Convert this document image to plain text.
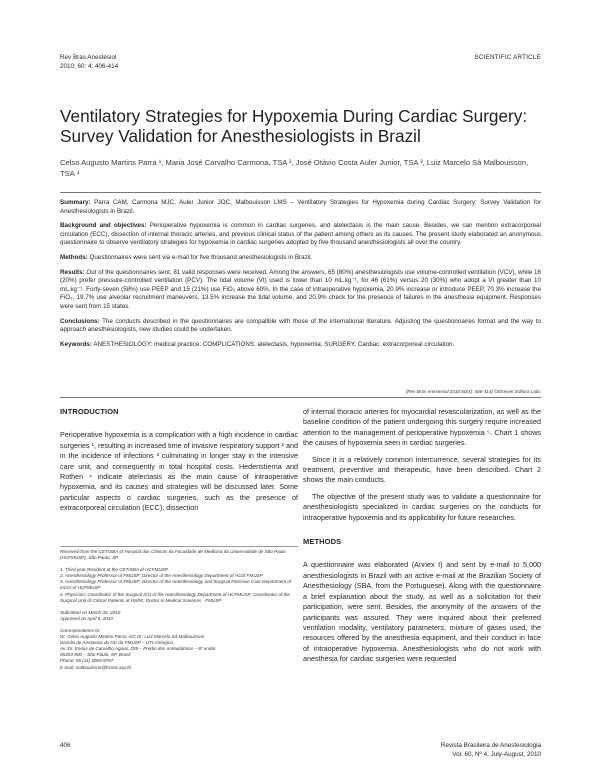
Rev Bras Anestesiol
2010; 60: 4: 406-414
SCIENTIFIC ARTICLE
Ventilatory Strategies for Hypoxemia During Cardiac Surgery: Survey Validation for Anesthesiologists in Brazil
Celso Augusto Martins Parra ¹, Maria José Carvalho Carmona, TSA ², José Otávio Costa Auler Junior, TSA ³, Luiz Marcelo Sá Malbouisson, TSA ⁴

Summary: Parra CAM, Carmona MJC, Auler Junior JOC, Malbouisson LMS – Ventilatory Strategies for Hypoxemia during Cardiac Surgery: Survey Validation for Anesthesiologists in Brazil.

Background and objectives: Perioperative hypoxemia is common in cardiac surgeries, and atelectasis is the main cause. Besides, we can mention extracorporeal circulation (ECC), dissection of internal thoracic arteries, and previous clinical status of the patient among others as its causes. The present study elaborated an anonymous questionnaire to observe ventilatory strategies for hypoxemia in cardiac surgeries adopted by five thousand anesthesiologists all over the country.

Methods: Questionnaires were sent via e-mail for five thousand anesthesiologists in Brazil.

Results: Out of the questionnaires sent, 81 valid responses were received. Among the answers, 65 (80%) anesthesiologists use volume-controlled ventilation (VCV), while 16 (20%) prefer pressure-controlled ventilation (PCV). The tidal volume (Vt) used is lower than 10 mL.kg⁻¹, for 46 (61%) versus 20 (30%) who adopt a Vt greater than 10 mL.kg⁻¹. Forty-seven (58%) use PEEP and 15 (21%) use FiO₂ above 60%. In the case of intraoperative hypoxemia, 20.9% increase or introduce PEEP, 70.3% increase the FiO₂, 19.7% use alveolar recruitment maneuvers, 13.5% increase the tidal volume, and 20.9% check for the presence of failures in the anesthesia equipment. Responses were sent from 15 states.

Conclusions: The conducts described in the questionnaires are compatible with those of the international literature. Adjusting the questionnaires format and the way to approach anesthesiologists, new studies could be undertaken.

Keywords: ANESTHESIOLOGY: medical practice; COMPLICATIONS: atelectasis, hypoxemia; SURGERY, Cardiac: extracorporeal circulation.

[Rev Bras Anestesiol 2010;60(4): 406-414] ©Elsevier Editora Ltda.
INTRODUCTION

Perioperative hypoxemia is a complication with a high incidence in cardiac surgeries ¹, resulting in increased time of invasive respiratory support ² and in the incidence of infections ³ culminating in longer stay in the intensive care unit, and consequently in total hospital costs. Hedenstierna and Rothen ⁴ indicate atelectasis as the main cause of intraoperative hypoxemia, and its causes and strategies will be discussed later. Some particular aspects o cardiac surgeries, such as the presence of extracorporeal circulation (ECC), dissection

Received from the CET/SBA of Hospital das Clínicas da Faculdade de Medicina da Universidade de São Paulo (HCFMUSP), São Paulo, SP
1. Third year Resident at the CET/SBA of HCFMUSP
2. Anesthesiology Professor of FMUSP; Director of the Anesthesiology Department of HCof FMUSP
3. Anesthesiology Professor of FMUSP; Director of the Anesthesiology and Surgical Intensive Care Department of InCor of HCFMUSP
4. Physician; Coordinator of the Surgical ICU of the Anesthesiology Department of HCFMUSP; Coordinator of the Surgical Unit of Critical Patients of HSPE; Doctor in Medical Sciences - FMUSP
Submitted on March 30, 2010
Approved on April 5, 2010
Correspondence to:
Dr. Celso Augusto Martins Parra; A/C Dr. Luiz Marcelo Sá Malbouisson
Divisão de Anestesia do HC da FMUSP – UTI Cirúrgica
Av. Dr. Enéas de Carvalho Aguiar, 255 – Prédio dos Ambulatórios – 8º andar
05403-900 – São Paulo, SP, Brasil
Phone: 55 (11) 3069-8787
E-mail: malbouisson@hcnet.usp.br

of internal thoracic arteries for myocardial revascularization, as well as the baseline condition of the patient undergoing this surgery require increased attention to the management of perioperative hypoxemia ⁵. Chart 1 shows the causes of hypoxemia seen in cardiac surgeries.

Since it is a relatively common intercurrence, several strategies for its treatment, preventive and therapeutic, have been described. Chart 2 shows the main conducts.

The objective of the present study was to validate a questionnaire for anesthesiologists specialized in cardiac surgeries on the conducts for intraoperative hypoxemia and its applicability for future researches.

METHODS

A questionnaire was elaborated (Annex I) and sent by e-mail to 5,000 anesthesiologists in Brazil with an active e-mail at the Brazilian Society of Anesthesiology (SBA, from the Portuguese). Along with the questionnaire a brief explanation about the study, as well as a solicitation for their participation, were sent. Besides, the anonymity of the answers of the participants was assured. They were inquired about their preferred ventilation modality, ventilatory parameters, mixture of gases used, the resources offered by the anesthesia equipment, and their conduct in face of intraoperative hypoxemia. Anesthesiologists who do not work with anesthesia for cardiac surgeries were requested

406	Revista Brasileira de Anestesiologia
Vol. 60, Nº 4, July-August, 2010
